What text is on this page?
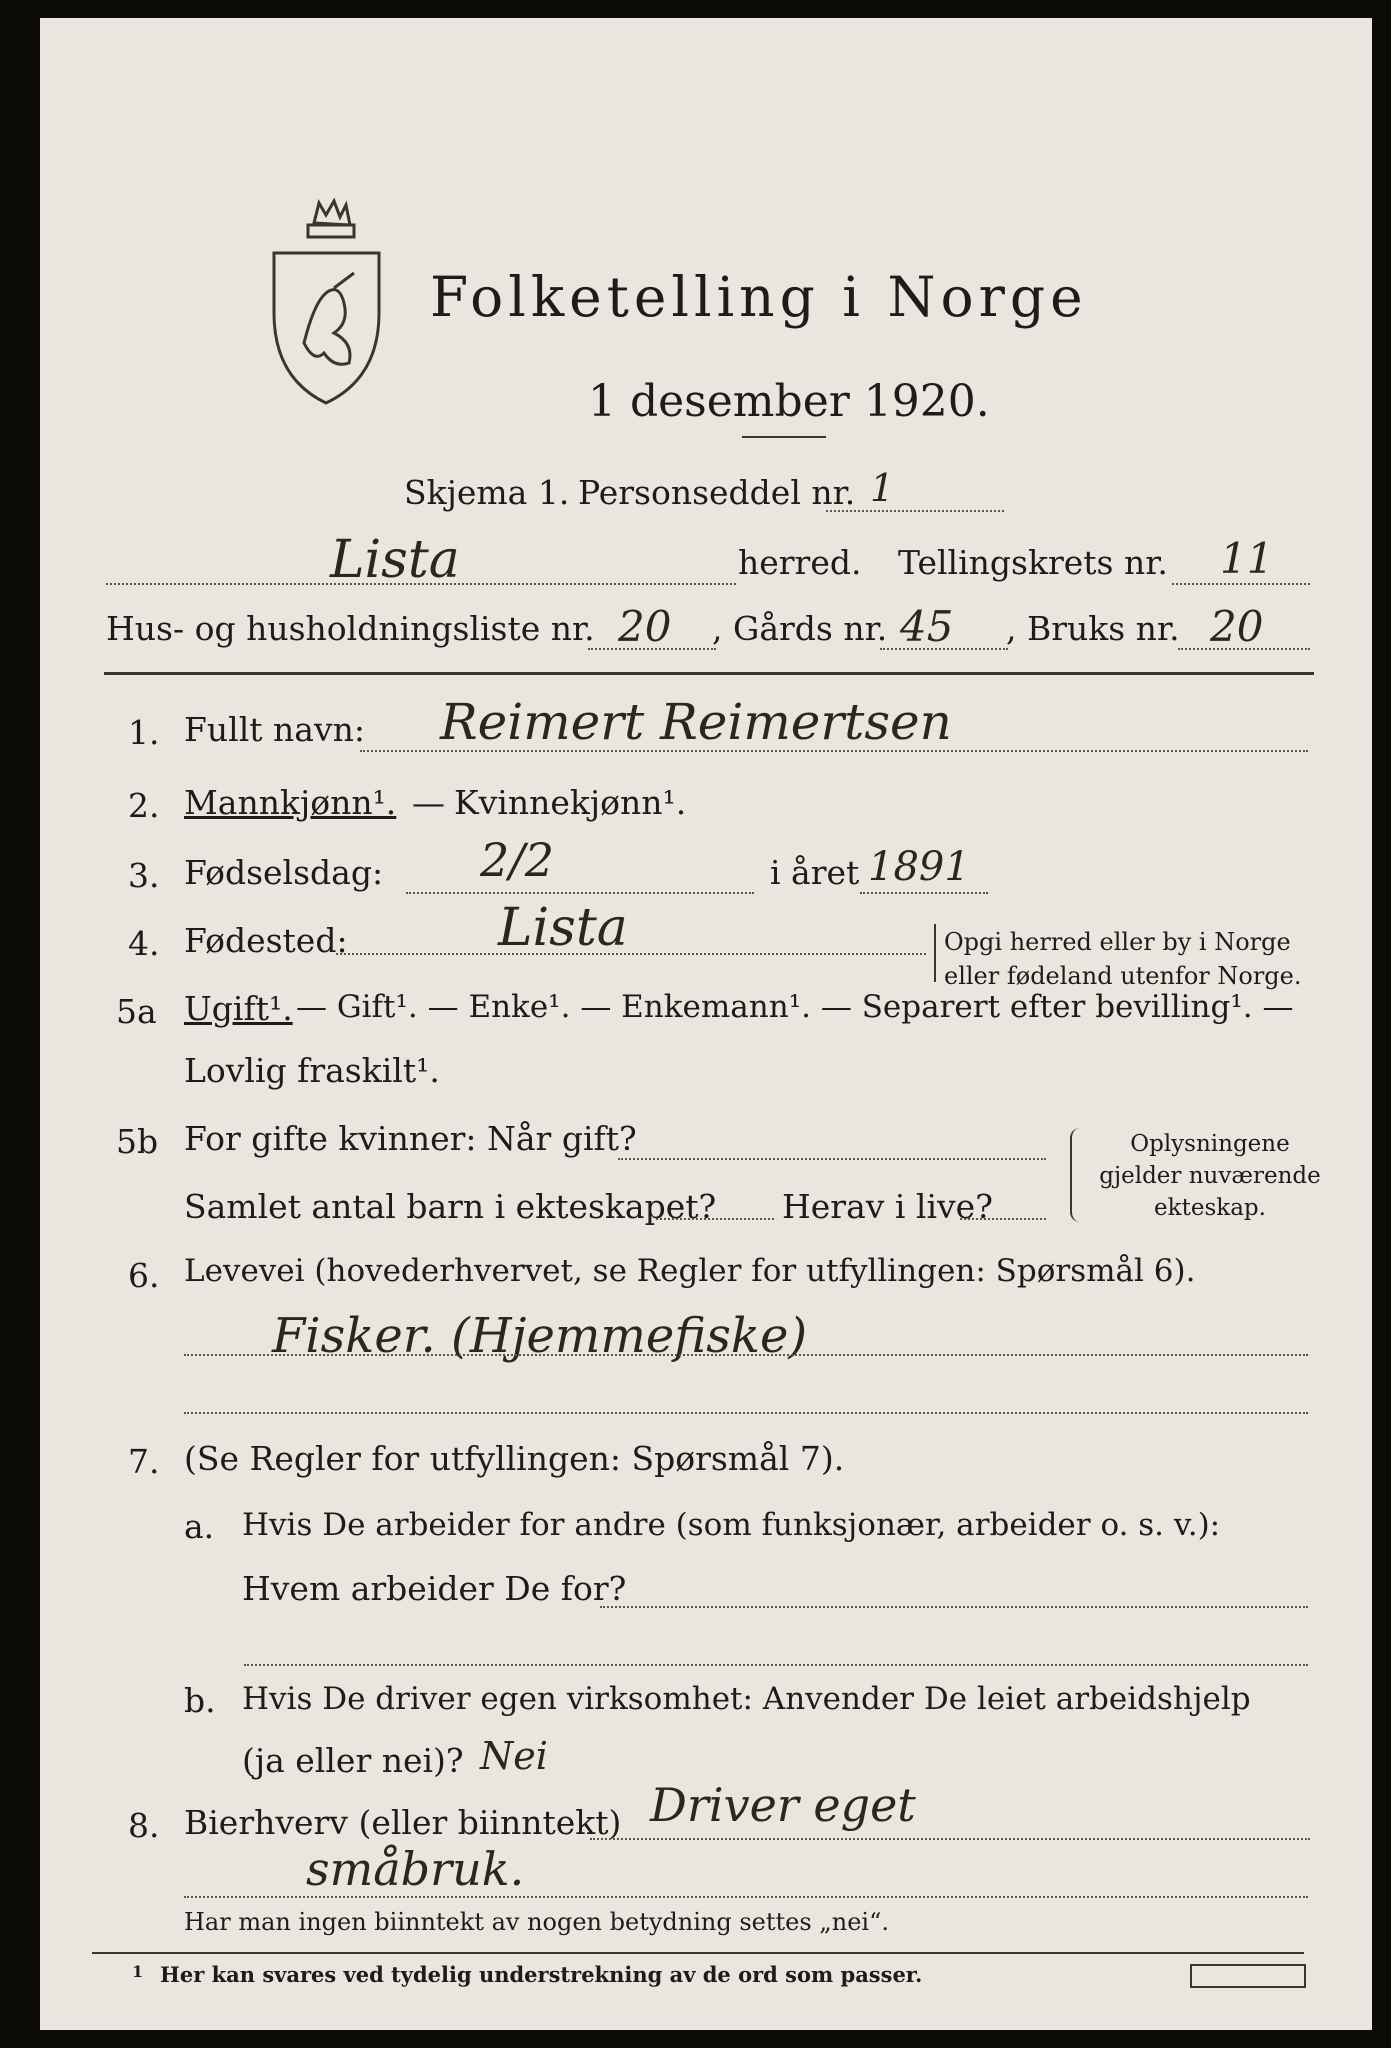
Folketelling i Norge
1 desember 1920.
Skjema 1. Personseddel nr. 1
Lista	herred. Tellingskrets nr. 11
Hus- og husholdningsliste nr. 20 , Gårds nr. 45 , Bruks nr. 20
1. Fullt navn: Reimert Reimertsen
2. Mannkjønn¹. — Kvinnekjønn¹.
3. Fødselsdag: 2/2	i året 1891
4. Fødested:	Lista	Opgi herred eller by i Norge
eller fødeland utenfor Norge.
5a Ugift¹. — Gift¹. — Enke¹. — Enkemann¹. — Separert efter bevilling¹. —
Lovlig fraskilt¹.
5b For gifte kvinner: Når gift?
Samlet antal barn i ekteskapet? Herav i live?
Oplysningene
gjelder nuværende
ekteskap.
6. Levevei (hovederhvervet, se Regler for utfyllingen: Spørsmål 6).
Fisker. (Hjemmefiske)
7. (Se Regler for utfyllingen: Spørsmål 7).
a. Hvis De arbeider for andre (som funksjonær, arbeider o. s. v.):
Hvem arbeider De for?
b. Hvis De driver egen virksomhet: Anvender De leiet arbeidshjelp
(ja eller nei)? Nei
8. Bierhverv (eller biinntekt) Driver eget
småbruk.
Har man ingen biinntekt av nogen betydning settes „nei“.
1 Her kan svares ved tydelig understrekning av de ord som passer.
